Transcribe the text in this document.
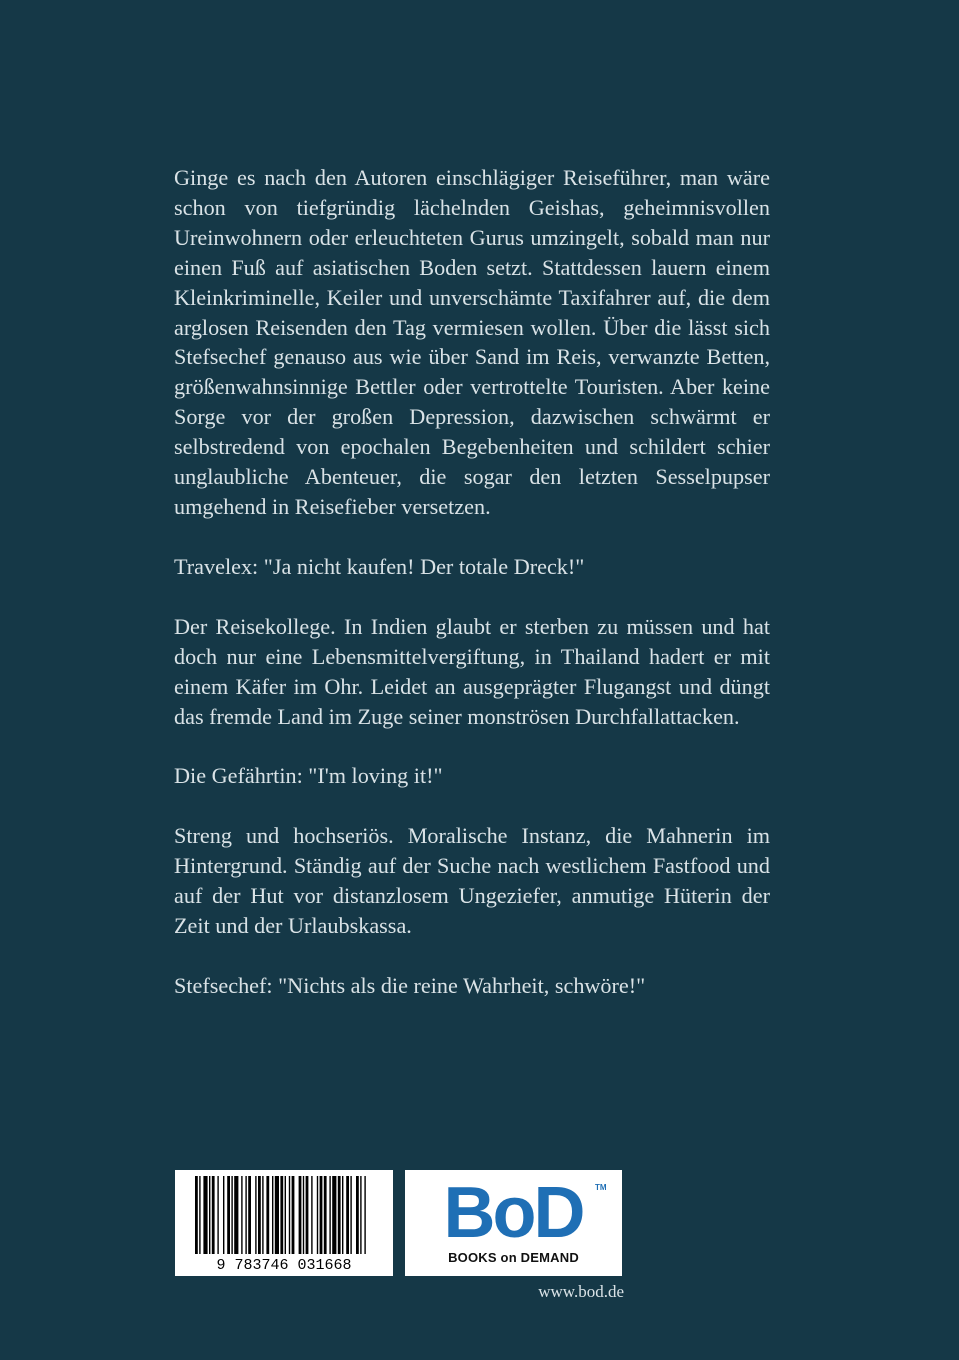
Ginge es nach den Autoren einschlägiger Reiseführer, man wäre schon von tiefgründig lächelnden Geishas, geheimnisvollen Ureinwohnern oder erleuchteten Gurus umzingelt, sobald man nur einen Fuß auf asiatischen Boden setzt. Stattdessen lauern einem Kleinkriminelle, Keiler und unverschämte Taxifahrer auf, die dem arglosen Reisenden den Tag vermiesen wollen. Über die lässt sich Stefsechef genauso aus wie über Sand im Reis, verwanzte Betten, größenwahnsinnige Bettler oder vertrottelte Touristen. Aber keine Sorge vor der großen Depression, dazwischen schwärmt er selbstredend von epochalen Begebenheiten und schildert schier unglaubliche Abenteuer, die sogar den letzten Sesselpupser umgehend in Reisefieber versetzen.

Travelex: "Ja nicht kaufen! Der totale Dreck!"

Der Reisekollege. In Indien glaubt er sterben zu müssen und hat doch nur eine Lebensmittelvergiftung, in Thailand hadert er mit einem Käfer im Ohr. Leidet an ausgeprägter Flugangst und düngt das fremde Land im Zuge seiner monströsen Durchfallattacken.

Die Gefährtin: "I'm loving it!"

Streng und hochseriös. Moralische Instanz, die Mahnerin im Hintergrund. Ständig auf der Suche nach westlichem Fastfood und auf der Hut vor distanzlosem Ungeziefer, anmutige Hüterin der Zeit und der Urlaubskassa.

Stefsechef: "Nichts als die reine Wahrheit, schwöre!"

9 783746 031668
BoD TM
BOOKS on DEMAND
www.bod.de
